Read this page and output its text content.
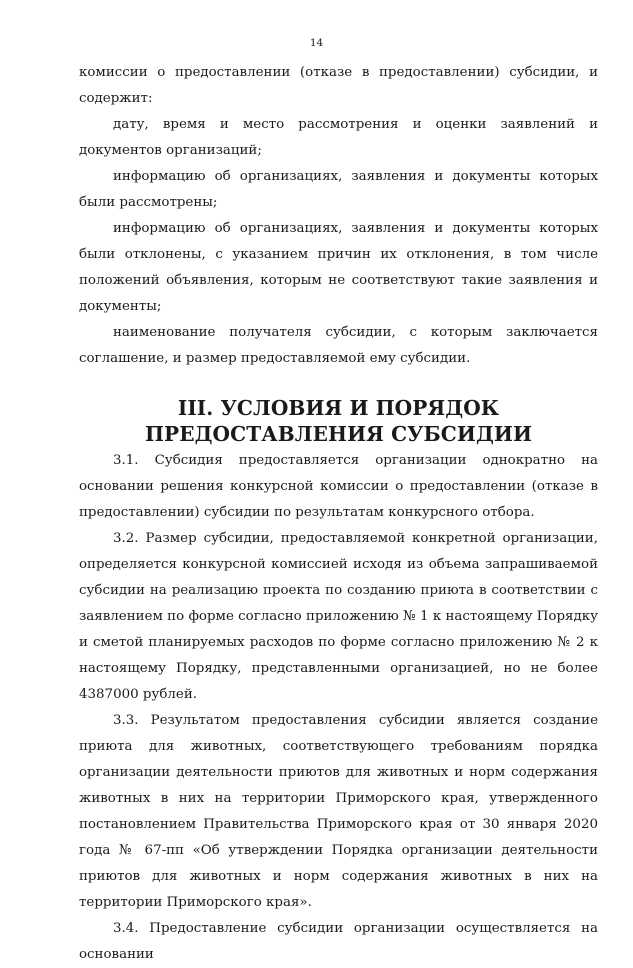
14

комиссии о предоставлении (отказе в предоставлении) субсидии, и содержит:

дату, время и место рассмотрения и оценки заявлений и документов организаций;

информацию об организациях, заявления и документы которых были рассмотрены;

информацию об организациях, заявления и документы которых были отклонены, с указанием причин их отклонения, в том числе положений объявления, которым не соответствуют такие заявления и документы;

наименование получателя субсидии, с которым заключается соглашение, и размер предоставляемой ему субсидии.

III. УСЛОВИЯ И ПОРЯДОК ПРЕДОСТАВЛЕНИЯ СУБСИДИИ

3.1. Субсидия предоставляется организации однократно на основании решения конкурсной комиссии о предоставлении (отказе в предоставлении) субсидии по результатам конкурсного отбора.

3.2. Размер субсидии, предоставляемой конкретной организации, определяется конкурсной комиссией исходя из объема запрашиваемой субсидии на реализацию проекта по созданию приюта в соответствии с заявлением по форме согласно приложению № 1 к настоящему Порядку и сметой планируемых расходов по форме согласно приложению № 2 к настоящему Порядку, представленными организацией, но не более 4387000 рублей.

3.3. Результатом предоставления субсидии является создание приюта для животных, соответствующего требованиям порядка организации деятельности приютов для животных и норм содержания животных в них на территории Приморского края, утвержденного постановлением Правительства Приморского края от 30 января 2020 года № 67-пп «Об утверждении Порядка организации деятельности приютов для животных и норм содержания животных в них на территории Приморского края».

3.4. Предоставление субсидии организации осуществляется на основании
